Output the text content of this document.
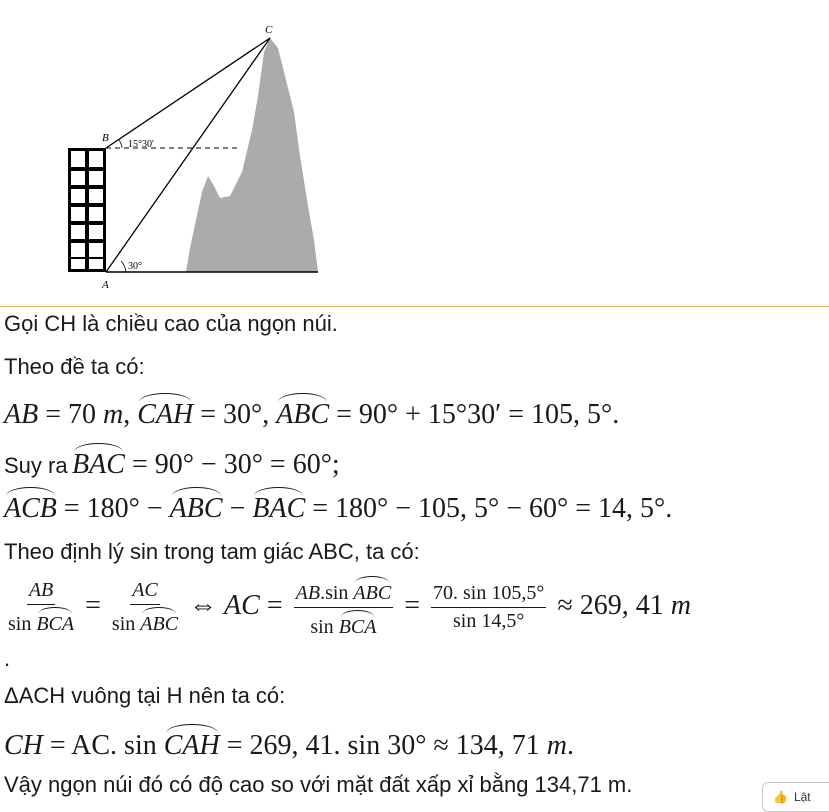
C
B
A
15°30'
30°
Gọi CH là chiều cao của ngọn núi.
Theo đề ta có:
AB = 70 m, CAH = 30°, ABC = 90° + 15°30′ = 105, 5°.
Suy ra BAC = 90° − 30° = 60°;
ACB = 180° − ABC − BAC = 180° − 105, 5° − 60° = 14, 5°.
Theo định lý sin trong tam giác ABC, ta có:
$\frac{AB}{\text{sin BCA}} = \frac{AC}{\text{sin ABC}}$ ⇔ AC = $\frac{\text{AB.sin ABC}}{\text{sin BCA}} = \frac{70. \sin 105,5^\circ}{\sin 14,5^\circ} \approx 269$, 41 m
.
ΔACH vuông tại H nên ta có:
CH = AC. sin CAH = 269, 41. sin 30° ≈ 134, 71 m.
Vậy ngọn núi đó có độ cao so với mặt đất xấp xỉ bằng 134,71 m.	👍 Lật
